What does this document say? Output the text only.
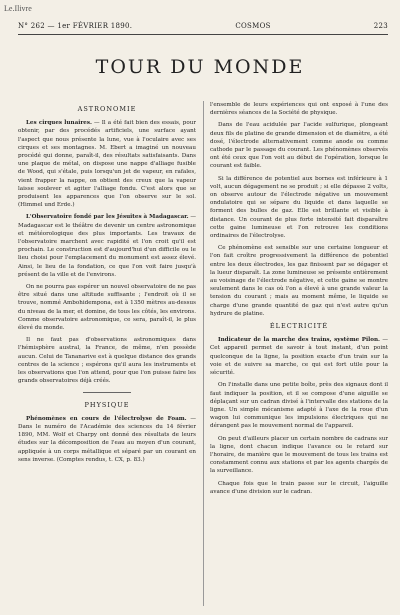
Le.Ilivre
N° 262 — 1er FÉVRIER 1890.	COSMOS	223
TOUR DU MONDE
ASTRONOMIE

Les cirques lunaires. — Il a été fait bien des essais, pour obtenir, par des procédés artificiels, une surface ayant l'aspect que nous présente la lune, vue à l'oculaire avec ses cirques et ses montagnes. M. Ebert a imaginé un nouveau procédé qui donne, paraît-il, des résultats satisfaisants. Dans une plaque de métal, on dispose une nappe d'alliage fusible de Wood, qui s'étale, puis lorsqu'un jet de vapeur, en rafales, vient frapper la nappe, on obtient des creux que la vapeur laisse soulever et agiter l'alliage fondu. C'est alors que se produisent les apparences que l'on observe sur le sol. (Himmel und Erde.)

L'Observatoire fondé par les Jésuites à Madagascar. — Madagascar est le théâtre de devenir un centre astronomique et météorologique des plus importants. Les travaux de l'observatoire marchent avec rapidité et l'on croit qu'il est prochain. Le construction est d'aujourd'hui d'un difficile ou le lieu choisi pour l'emplacement du monument est assez élevé. Ainsi, le lieu de la fondation, ce que l'on voit faire jusqu'à présent de la ville et de l'environs.

On ne pourra pas espérer un nouvel observatoire de ne pas être situé dans une altitude suffisante ; l'endroit où il se trouve, nommé Ambohidempona, est à 1350 mètres au-dessus du niveau de la mer, et domine, de tous les côtés, les environs. Comme observatoire astronomique, ce sera, paraît-il, le plus élevé du monde.

Il ne faut pas d'observations astronomiques dans l'hémisphère austral, la France, de même, n'en possède aucun. Celui de Tananarive est à quelque distance des grands centres de la science ; espérons qu'il aura les instruments et les observations que l'on attend, pour que l'on puisse faire les grands observatoires déjà créés.

PHYSIQUE

Phénomènes en cours de l'électrolyse de Foam. — Dans le numéro de l'Académie des sciences du 14 février 1890, MM. Wolf et Charpy ont donné des résultats de leurs études sur la décomposition de l'eau au moyen d'un courant, appliquée à un corps métallique et séparé par un courant en sens inverse. (Comptes rendus, t. CX, p. 83.)

l'ensemble de leurs expériences qui ont exposé à l'une des dernières séances de la Société de physique.

Dans de l'eau acidulée par l'acide sulfurique, plongeant deux fils de platine de grande dimension et de diamètre, a été dosé, l'électrode alternativement comme anode ou comme cathode par le passage du courant. Les phénomènes observés ont été ceux que l'on voit au début de l'opération, lorsque le courant est faible.

Si la différence de potentiel aux bornes est inférieure à 1 volt, aucun dégagement ne se produit ; si elle dépasse 2 volts, on observe autour de l'électrode négative un mouvement ondulatoire qui se sépare du liquide et dans laquelle se forment des bulles de gaz. Elle est brillante et visible à distance. Un courant de plus forte intensité fait disparaître cette gaine lumineuse et l'on retrouve les conditions ordinaires de l'électrolyse.

Ce phénomène est sensible sur une certaine longueur et l'on fait croître progressivement la différence de potentiel entre les deux électrodes, les gaz finissent par se dégager et la lueur disparaît. La zone lumineuse se présente entièrement au voisinage de l'électrode négative, et cette gaine se montre seulement dans le cas où l'on a élevé à une grande valeur la tension du courant ; mais au moment même, le liquide se charge d'une grande quantité de gaz qui n'est autre qu'un hydrure de platine.

ÉLECTRICITÉ

Indicateur de la marche des trains, système Pilon. — Cet appareil permet de savoir à tout instant, d'un point quelconque de la ligne, la position exacte d'un train sur la voie et de suivre sa marche, ce qui est fort utile pour la sécurité.

On l'installe dans une petite boîte, près des signaux dont il faut indiquer la position, et il se compose d'une aiguille se déplaçant sur un cadran divisé à l'intervalle des stations de la ligne. Un simple mécanisme adapté à l'axe de la roue d'un wagon lui communique les impulsions électriques qui ne dérangent pas le mouvement normal de l'appareil.

On peut d'ailleurs placer un certain nombre de cadrans sur la ligne, dont chacun indique l'avance ou le retard sur l'horaire, de manière que le mouvement de tous les trains est constamment connu aux stations et par les agents chargés de la surveillance.

Chaque fois que le train passe sur le circuit, l'aiguille avance d'une division sur le cadran.
